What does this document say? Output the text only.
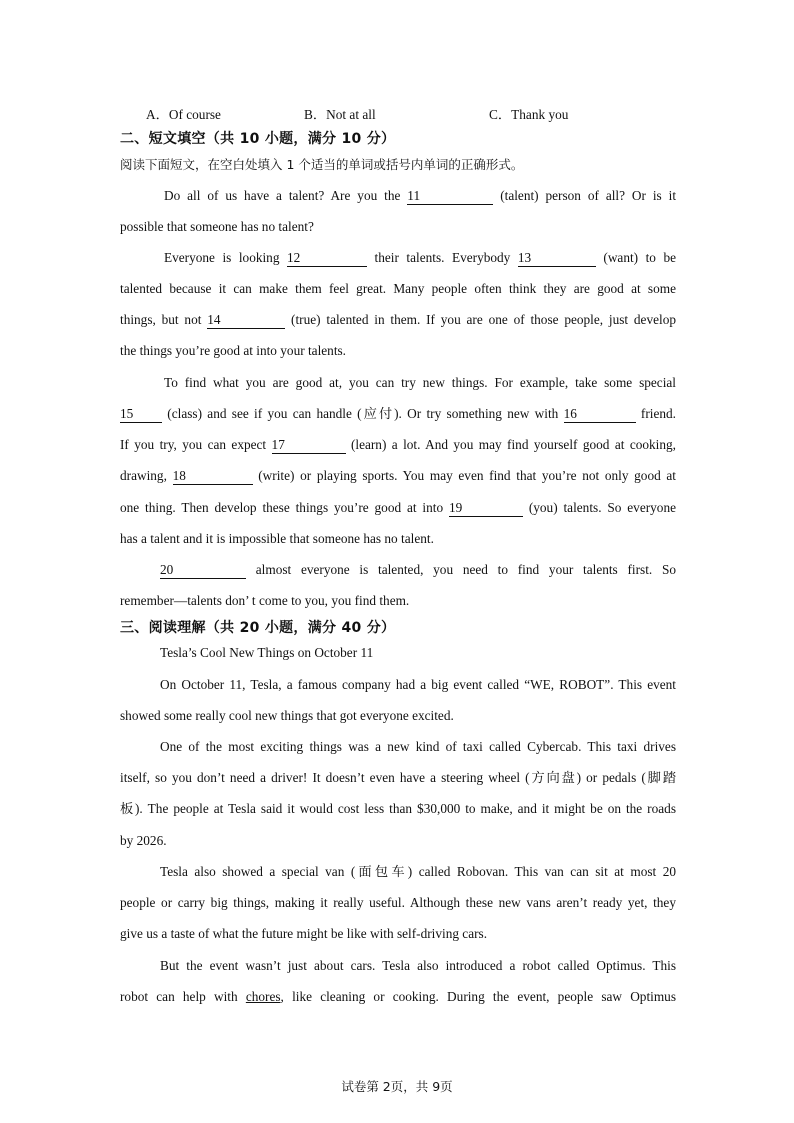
A．Of course	B．Not at all	C．Thank you
二、短文填空（共 10 小题，满分 10 分）
阅读下面短文，在空白处填入 1 个适当的单词或括号内单词的正确形式。
Do all of us have a talent? Are you the 11	(talent) person of all? Or is it
possible that someone has no talent?
Everyone is looking 12	their talents. Everybody 13	(want) to be
talented because it can make them feel great. Many people often think they are good at some
things, but not 14	(true) talented in them. If you are one of those people, just develop
the things you’re good at into your talents.
To find what you are good at, you can try new things. For example, take some special
15	(class) and see if you can handle (应付). Or try something new with 16	friend.
If you try, you can expect 17	(learn) a lot. And you may find yourself good at cooking,
drawing, 18	(write) or playing sports. You may even find that you’re not only good at
one thing. Then develop these things you’re good at into 19	(you) talents. So everyone
has a talent and it is impossible that someone has no talent.
20	almost everyone is talented, you need to find your talents first. So
remember—talents don’ t come to you, you find them.
三、阅读理解（共 20 小题，满分 40 分）
Tesla’s Cool New Things on October 11
On October 11, Tesla, a famous company had a big event called “WE, ROBOT”. This event
showed some really cool new things that got everyone excited.
One of the most exciting things was a new kind of taxi called Cybercab. This taxi drives
itself, so you don’t need a driver! It doesn’t even have a steering wheel (方向盘) or pedals (脚踏
板). The people at Tesla said it would cost less than $30,000 to make, and it might be on the roads
by 2026.
Tesla also showed a special van (面包车) called Robovan. This van can sit at most 20
people or carry big things, making it really useful. Although these new vans aren’t ready yet, they
give us a taste of what the future might be like with self-driving cars.
But the event wasn’t just about cars. Tesla also introduced a robot called Optimus. This
robot can help with chores, like cleaning or cooking. During the event, people saw Optimus
试卷第 2页，共 9页
